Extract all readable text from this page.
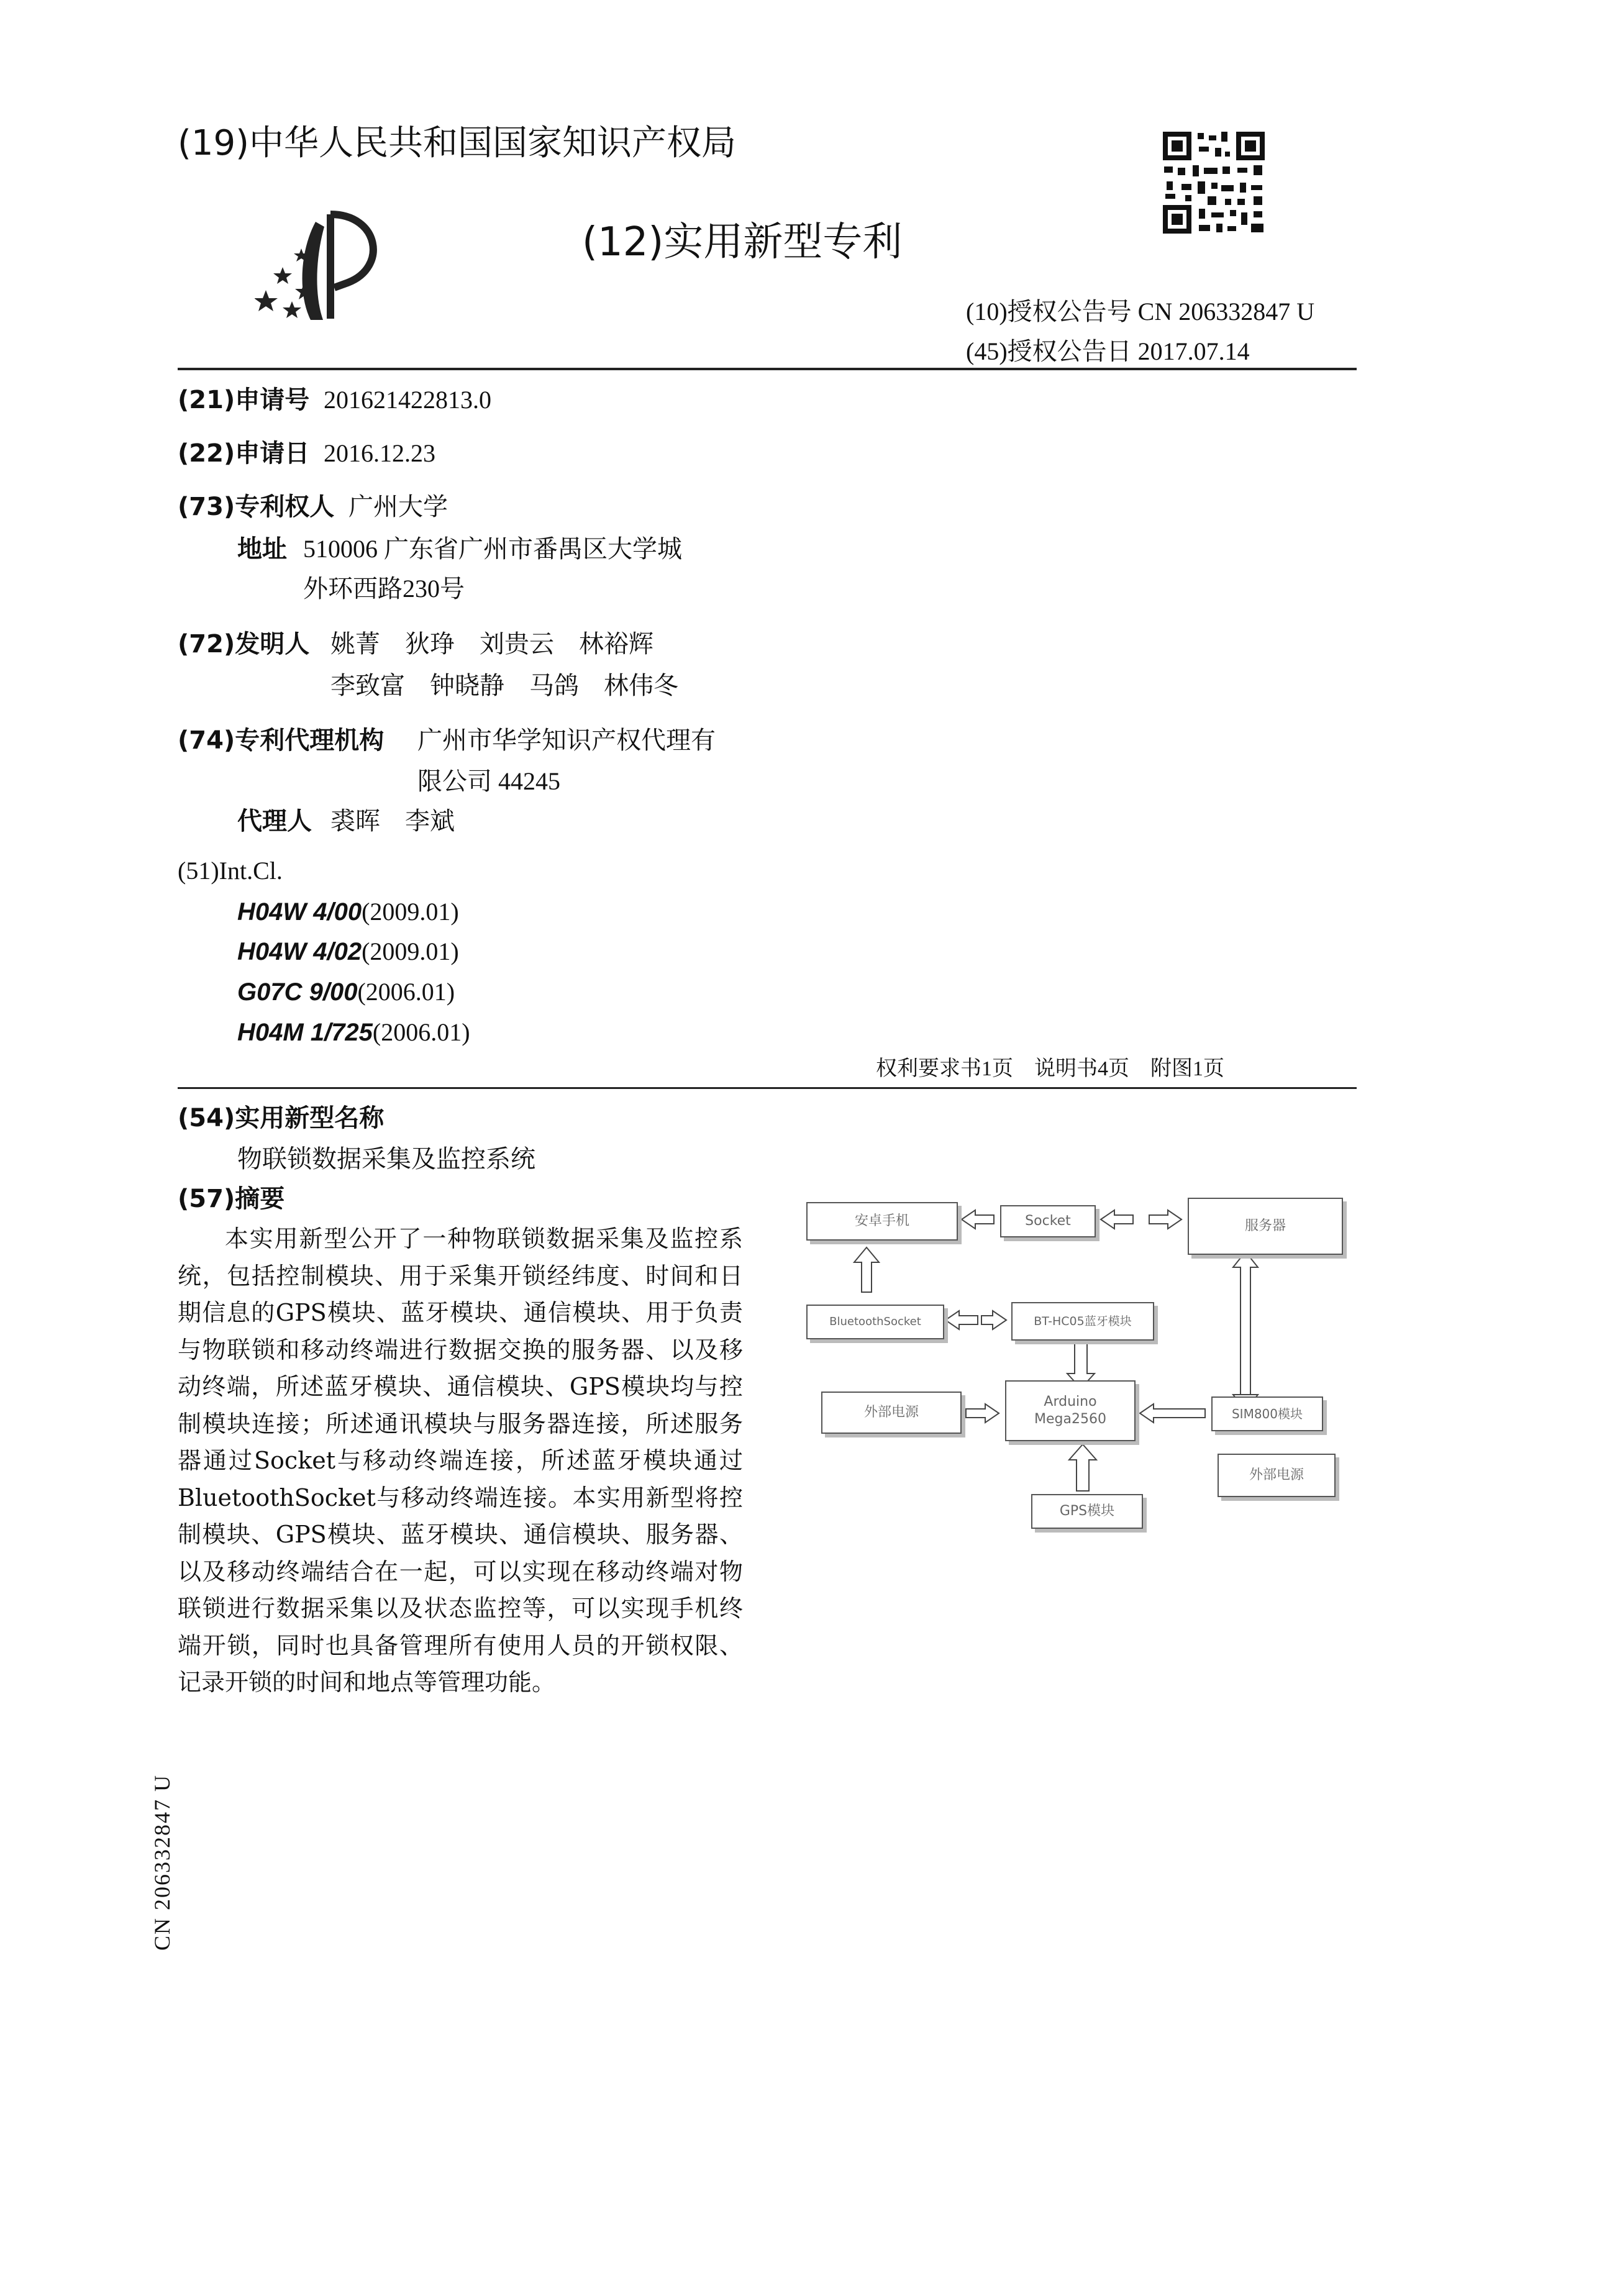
(19)中华人民共和国国家知识产权局
(12)实用新型专利
(10)授权公告号 CN 206332847 U
(45)授权公告日 2017.07.14
(21)申请号 201621422813.0
(22)申请日 2016.12.23
(73)专利权人 广州大学
地址 510006 广东省广州市番禺区大学城
外环西路230号
(72)发明人 姚菁　狄琤　刘贵云　林裕辉
李致富　钟晓静　马鸽　林伟冬
(74)专利代理机构 广州市华学知识产权代理有
限公司 44245
代理人 裘晖　李斌
(51)Int.Cl.
H04W 4/00(2009.01)
H04W 4/02(2009.01)
G07C 9/00(2006.01)
H04M 1/725(2006.01)
权利要求书1页　说明书4页　附图1页
(54)实用新型名称
物联锁数据采集及监控系统
(57)摘要
本实用新型公开了一种物联锁数据采集及监控系统，包括控制模块、用于采集开锁经纬度、时间和日期信息的GPS模块、蓝牙模块、通信模块、用于负责与物联锁和移动终端进行数据交换的服务器、以及移动终端，所述蓝牙模块、通信模块、GPS模块均与控制模块连接；所述通讯模块与服务器连接，所述服务器通过Socket与移动终端连接，所述蓝牙模块通过BluetoothSocket与移动终端连接。本实用新型将控制模块、GPS模块、蓝牙模块、通信模块、服务器、以及移动终端结合在一起，可以实现在移动终端对物联锁进行数据采集以及状态监控等，可以实现手机终端开锁，同时也具备管理所有使用人员的开锁权限、记录开锁的时间和地点等管理功能。
安卓手机	Socket	服务器
BluetoothSocket	BT-HC05蓝牙模块
外部电源
Arduino
Mega2560	SIM800模块
外部电源
GPS模块
CN 206332847 U
